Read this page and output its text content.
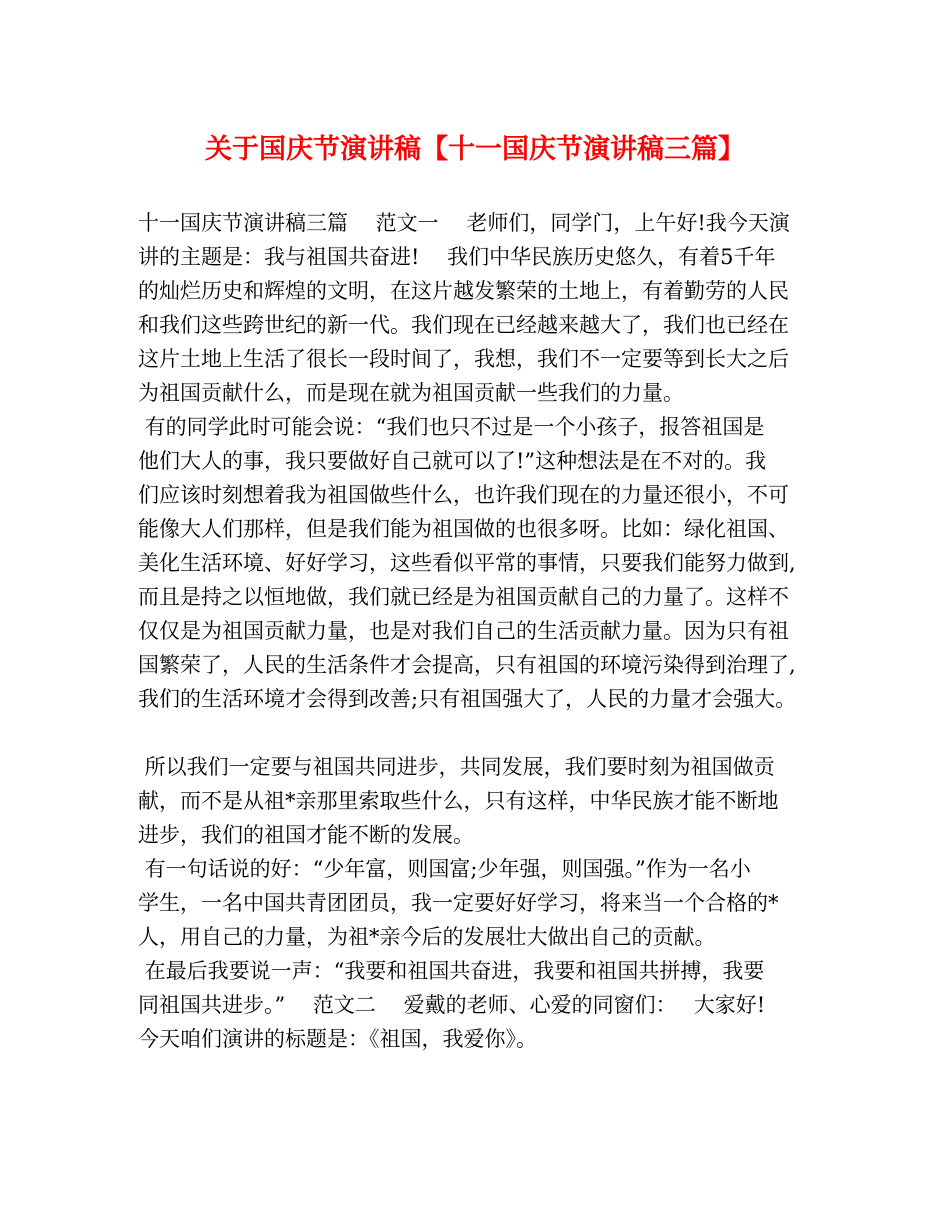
关于国庆节演讲稿【十一国庆节演讲稿三篇】
十一国庆节演讲稿三篇　 范文一　 老师们，同学门，上午好!我今天演
讲的主题是：我与祖国共奋进!　 我们中华民族历史悠久，有着5千年
的灿烂历史和辉煌的文明，在这片越发繁荣的土地上，有着勤劳的人民
和我们这些跨世纪的新一代。我们现在已经越来越大了，我们也已经在
这片土地上生活了很长一段时间了，我想，我们不一定要等到长大之后
为祖国贡献什么，而是现在就为祖国贡献一些我们的力量。
有的同学此时可能会说：“我们也只不过是一个小孩子，报答祖国是
他们大人的事，我只要做好自己就可以了!”这种想法是在不对的。我
们应该时刻想着我为祖国做些什么，也许我们现在的力量还很小，不可
能像大人们那样，但是我们能为祖国做的也很多呀。比如：绿化祖国、
美化生活环境、好好学习，这些看似平常的事情，只要我们能努力做到,
而且是持之以恒地做，我们就已经是为祖国贡献自己的力量了。这样不
仅仅是为祖国贡献力量，也是对我们自己的生活贡献力量。因为只有祖
国繁荣了，人民的生活条件才会提高，只有祖国的环境污染得到治理了,
我们的生活环境才会得到改善;只有祖国强大了，人民的力量才会强大。
所以我们一定要与祖国共同进步，共同发展，我们要时刻为祖国做贡
献，而不是从祖*亲那里索取些什么，只有这样，中华民族才能不断地
进步，我们的祖国才能不断的发展。
有一句话说的好：“少年富，则国富;少年强，则国强。”作为一名小
学生，一名中国共青团团员，我一定要好好学习，将来当一个合格的*
人，用自己的力量，为祖*亲今后的发展壮大做出自己的贡献。
在最后我要说一声：“我要和祖国共奋进，我要和祖国共拼搏，我要
同祖国共进步。”　 范文二　 爱戴的老师、心爱的同窗们：　 大家好!
今天咱们演讲的标题是：《祖国，我爱你》。
